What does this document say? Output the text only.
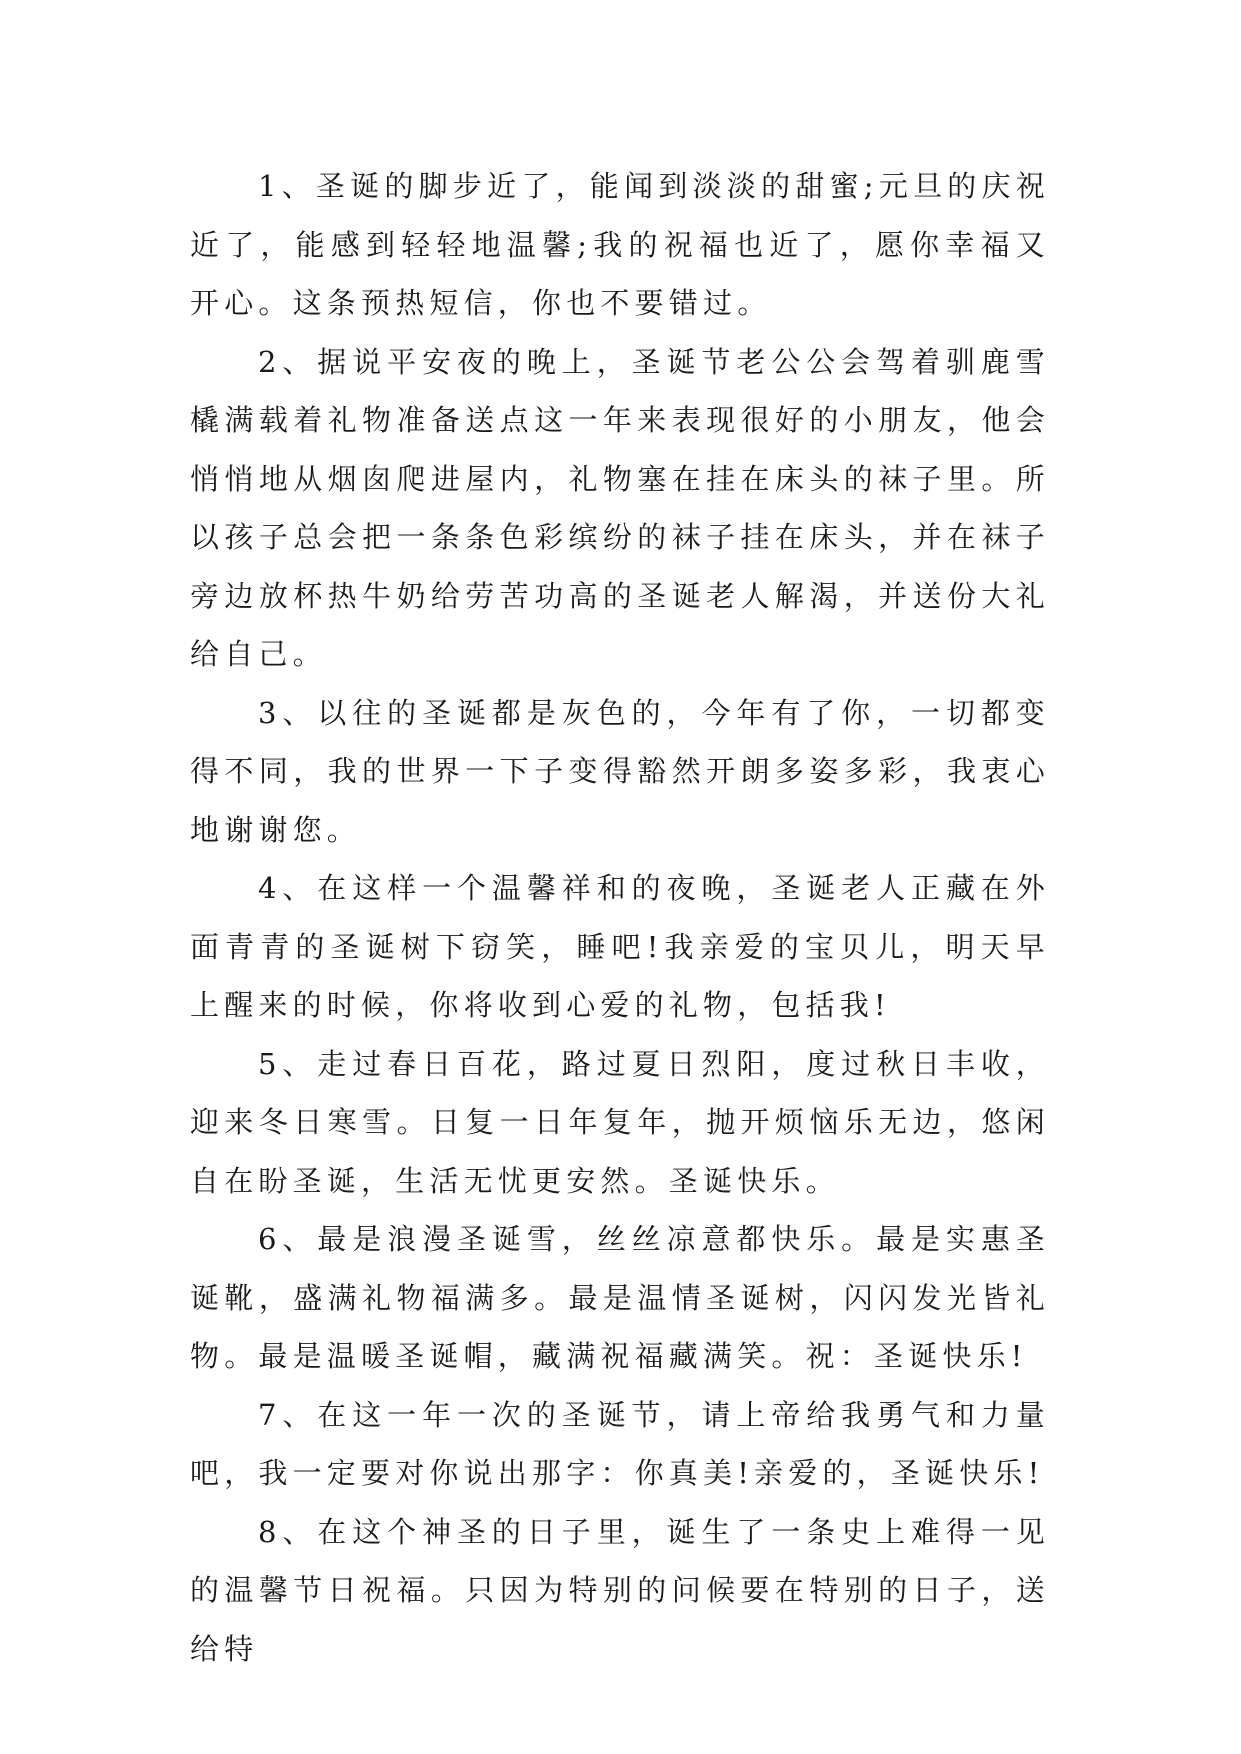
1、圣诞的脚步近了，能闻到淡淡的甜蜜;元旦的庆祝近了，能感到轻轻地温馨;我的祝福也近了，愿你幸福又开心。这条预热短信，你也不要错过。

2、据说平安夜的晚上，圣诞节老公公会驾着驯鹿雪橇满载着礼物准备送点这一年来表现很好的小朋友，他会悄悄地从烟囱爬进屋内，礼物塞在挂在床头的袜子里。所以孩子总会把一条条色彩缤纷的袜子挂在床头，并在袜子旁边放杯热牛奶给劳苦功高的圣诞老人解渴，并送份大礼给自己。

3、以往的圣诞都是灰色的，今年有了你，一切都变得不同，我的世界一下子变得豁然开朗多姿多彩，我衷心地谢谢您。

4、在这样一个温馨祥和的夜晚，圣诞老人正藏在外面青青的圣诞树下窃笑，睡吧!我亲爱的宝贝儿，明天早上醒来的时候，你将收到心爱的礼物，包括我!

5、走过春日百花，路过夏日烈阳，度过秋日丰收，迎来冬日寒雪。日复一日年复年，抛开烦恼乐无边，悠闲自在盼圣诞，生活无忧更安然。圣诞快乐。

6、最是浪漫圣诞雪，丝丝凉意都快乐。最是实惠圣诞靴，盛满礼物福满多。最是温情圣诞树，闪闪发光皆礼物。最是温暖圣诞帽，藏满祝福藏满笑。祝：圣诞快乐!

7、在这一年一次的圣诞节，请上帝给我勇气和力量吧，我一定要对你说出那字：你真美!亲爱的，圣诞快乐!

8、在这个神圣的日子里，诞生了一条史上难得一见的温馨节日祝福。只因为特别的问候要在特别的日子，送给特
